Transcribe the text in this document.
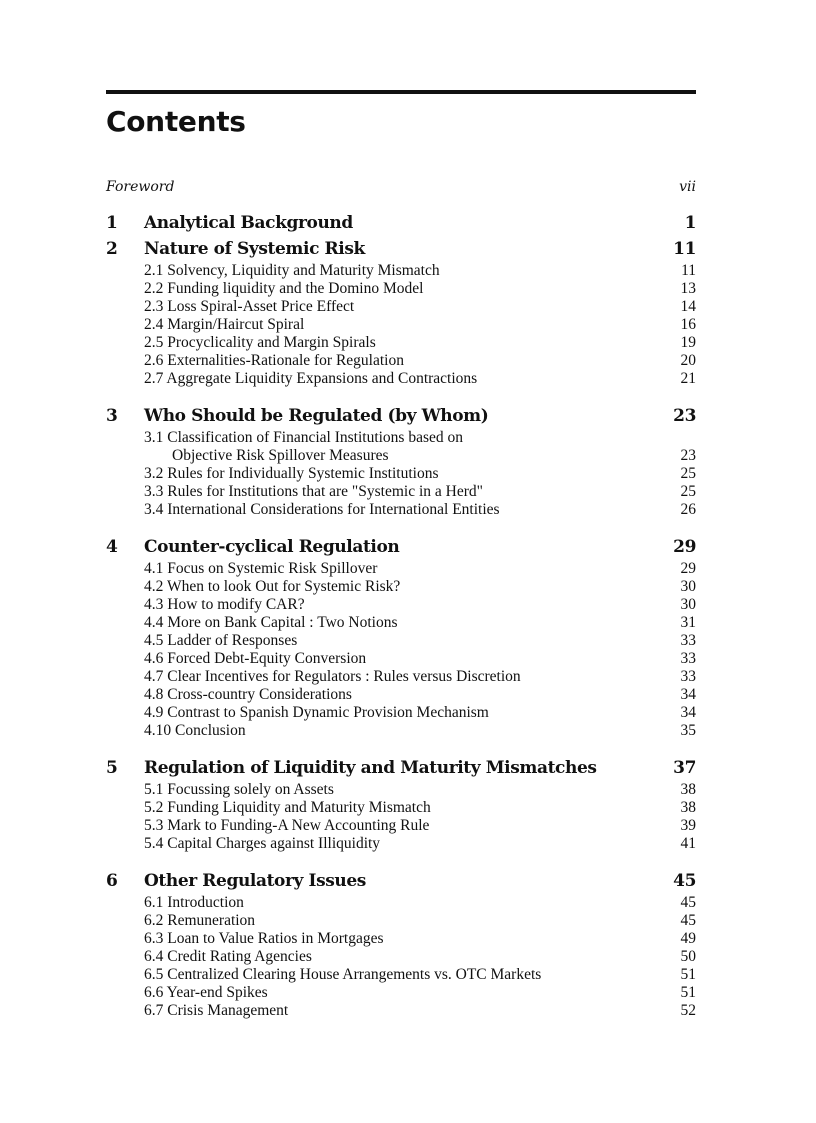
Contents
Foreword	vii
1	Analytical Background	1
2	Nature of Systemic Risk	11
2.1 Solvency, Liquidity and Maturity Mismatch	11
2.2 Funding liquidity and the Domino Model	13
2.3 Loss Spiral-Asset Price Effect	14
2.4 Margin/Haircut Spiral	16
2.5 Procyclicality and Margin Spirals	19
2.6 Externalities-Rationale for Regulation	20
2.7 Aggregate Liquidity Expansions and Contractions	21
3	Who Should be Regulated (by Whom)	23
3.1 Classification of Financial Institutions based on
Objective Risk Spillover Measures	23
3.2 Rules for Individually Systemic Institutions	25
3.3 Rules for Institutions that are "Systemic in a Herd"	25
3.4 International Considerations for International Entities	26
4	Counter-cyclical Regulation	29
4.1 Focus on Systemic Risk Spillover	29
4.2 When to look Out for Systemic Risk?	30
4.3 How to modify CAR?	30
4.4 More on Bank Capital : Two Notions	31
4.5 Ladder of Responses	33
4.6 Forced Debt-Equity Conversion	33
4.7 Clear Incentives for Regulators : Rules versus Discretion	33
4.8 Cross-country Considerations	34
4.9 Contrast to Spanish Dynamic Provision Mechanism	34
4.10 Conclusion	35
5	Regulation of Liquidity and Maturity Mismatches	37
5.1 Focussing solely on Assets	38
5.2 Funding Liquidity and Maturity Mismatch	38
5.3 Mark to Funding-A New Accounting Rule	39
5.4 Capital Charges against Illiquidity	41
6	Other Regulatory Issues	45
6.1 Introduction	45
6.2 Remuneration	45
6.3 Loan to Value Ratios in Mortgages	49
6.4 Credit Rating Agencies	50
6.5 Centralized Clearing House Arrangements vs. OTC Markets	51
6.6 Year-end Spikes	51
6.7 Crisis Management	52
